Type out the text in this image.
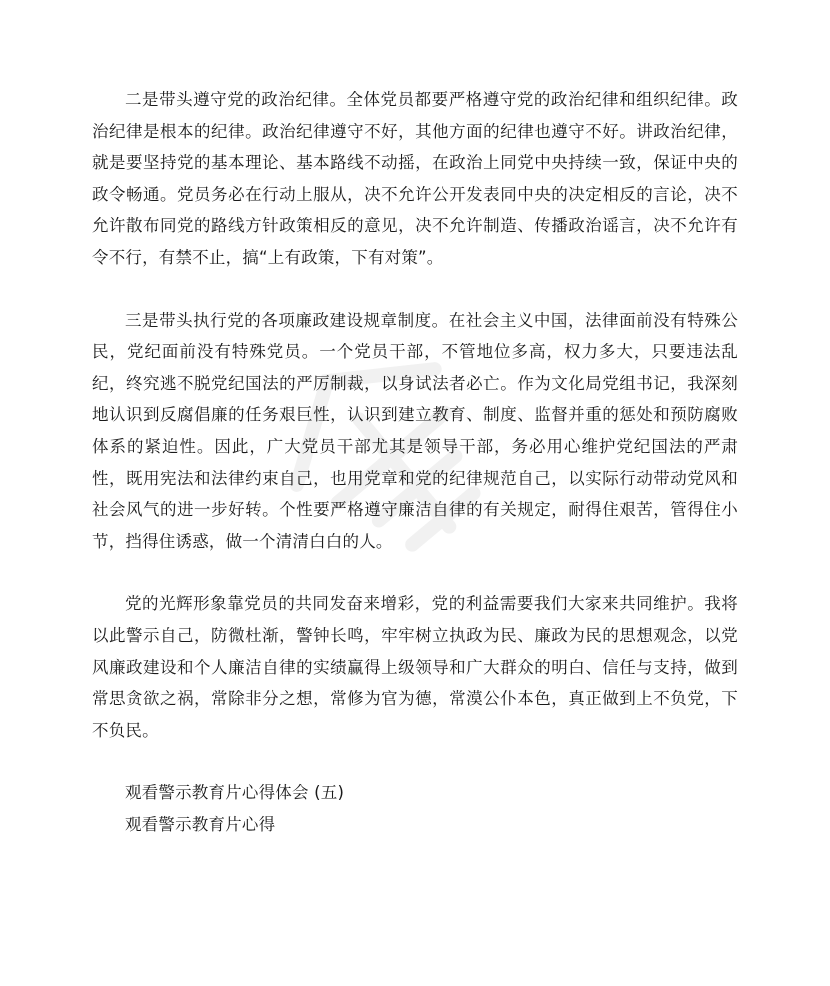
二是带头遵守党的政治纪律。全体党员都要严格遵守党的政治纪律和组织纪律。政治纪律是根本的纪律。政治纪律遵守不好，其他方面的纪律也遵守不好。讲政治纪律，就是要坚持党的基本理论、基本路线不动摇，在政治上同党中央持续一致，保证中央的政令畅通。党员务必在行动上服从，决不允许公开发表同中央的决定相反的言论，决不允许散布同党的路线方针政策相反的意见，决不允许制造、传播政治谣言，决不允许有令不行，有禁不止，搞“上有政策，下有对策”。

三是带头执行党的各项廉政建设规章制度。在社会主义中国，法律面前没有特殊公民，党纪面前没有特殊党员。一个党员干部，不管地位多高，权力多大，只要违法乱纪，终究逃不脱党纪国法的严厉制裁，以身试法者必亡。作为文化局党组书记，我深刻地认识到反腐倡廉的任务艰巨性，认识到建立教育、制度、监督并重的惩处和预防腐败体系的紧迫性。因此，广大党员干部尤其是领导干部，务必用心维护党纪国法的严肃性，既用宪法和法律约束自己，也用党章和党的纪律规范自己，以实际行动带动党风和社会风气的进一步好转。个性要严格遵守廉洁自律的有关规定，耐得住艰苦，管得住小节，挡得住诱惑，做一个清清白白的人。

党的光辉形象靠党员的共同发奋来增彩，党的利益需要我们大家来共同维护。我将以此警示自己，防微杜渐，警钟长鸣，牢牢树立执政为民、廉政为民的思想观念，以党风廉政建设和个人廉洁自律的实绩赢得上级领导和广大群众的明白、信任与支持，做到常思贪欲之祸，常除非分之想，常修为官为德，常漠公仆本色，真正做到上不负党，下不负民。

观看警示教育片心得体会 (五)

观看警示教育片心得
